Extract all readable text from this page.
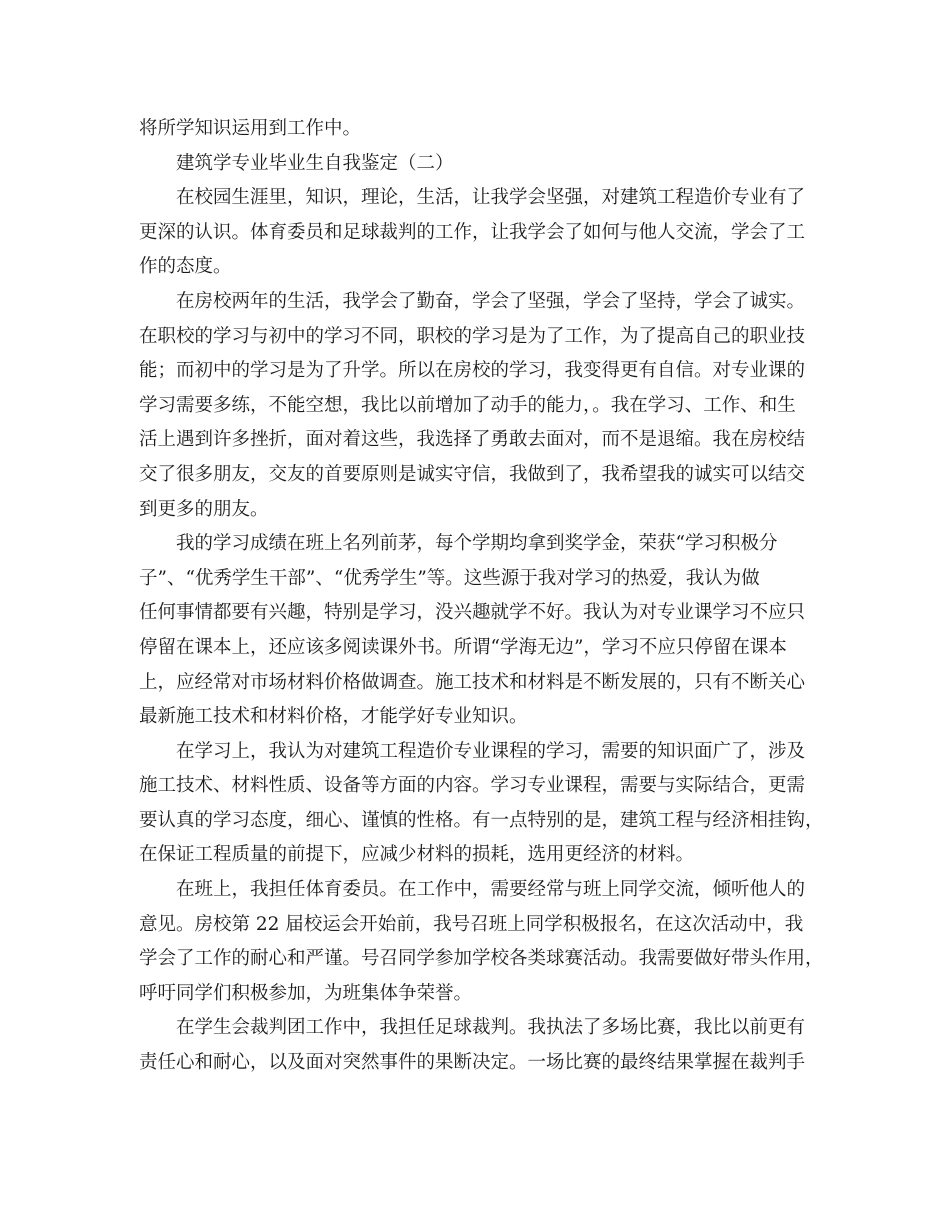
将所学知识运用到工作中。
建筑学专业毕业生自我鉴定（二）
在校园生涯里，知识，理论，生活，让我学会坚强，对建筑工程造价专业有了
更深的认识。体育委员和足球裁判的工作，让我学会了如何与他人交流，学会了工
作的态度。
在房校两年的生活，我学会了勤奋，学会了坚强，学会了坚持，学会了诚实。
在职校的学习与初中的学习不同，职校的学习是为了工作，为了提高自己的职业技
能；而初中的学习是为了升学。所以在房校的学习，我变得更有自信。对专业课的
学习需要多练，不能空想，我比以前增加了动手的能力，。我在学习、工作、和生
活上遇到许多挫折，面对着这些，我选择了勇敢去面对，而不是退缩。我在房校结
交了很多朋友，交友的首要原则是诚实守信，我做到了，我希望我的诚实可以结交
到更多的朋友。
我的学习成绩在班上名列前茅，每个学期均拿到奖学金，荣获“学习积极分
子”、“优秀学生干部”、“优秀学生”等。这些源于我对学习的热爱，我认为做
任何事情都要有兴趣，特别是学习，没兴趣就学不好。我认为对专业课学习不应只
停留在课本上，还应该多阅读课外书。所谓“学海无边”，学习不应只停留在课本
上，应经常对市场材料价格做调查。施工技术和材料是不断发展的，只有不断关心
最新施工技术和材料价格，才能学好专业知识。
在学习上，我认为对建筑工程造价专业课程的学习，需要的知识面广了，涉及
施工技术、材料性质、设备等方面的内容。学习专业课程，需要与实际结合，更需
要认真的学习态度，细心、谨慎的性格。有一点特别的是，建筑工程与经济相挂钩，
在保证工程质量的前提下，应减少材料的损耗，选用更经济的材料。
在班上，我担任体育委员。在工作中，需要经常与班上同学交流，倾听他人的
意见。房校第 22 届校运会开始前，我号召班上同学积极报名，在这次活动中，我
学会了工作的耐心和严谨。号召同学参加学校各类球赛活动。我需要做好带头作用，
呼吁同学们积极参加，为班集体争荣誉。
在学生会裁判团工作中，我担任足球裁判。我执法了多场比赛，我比以前更有
责任心和耐心，以及面对突然事件的果断决定。一场比赛的最终结果掌握在裁判手
